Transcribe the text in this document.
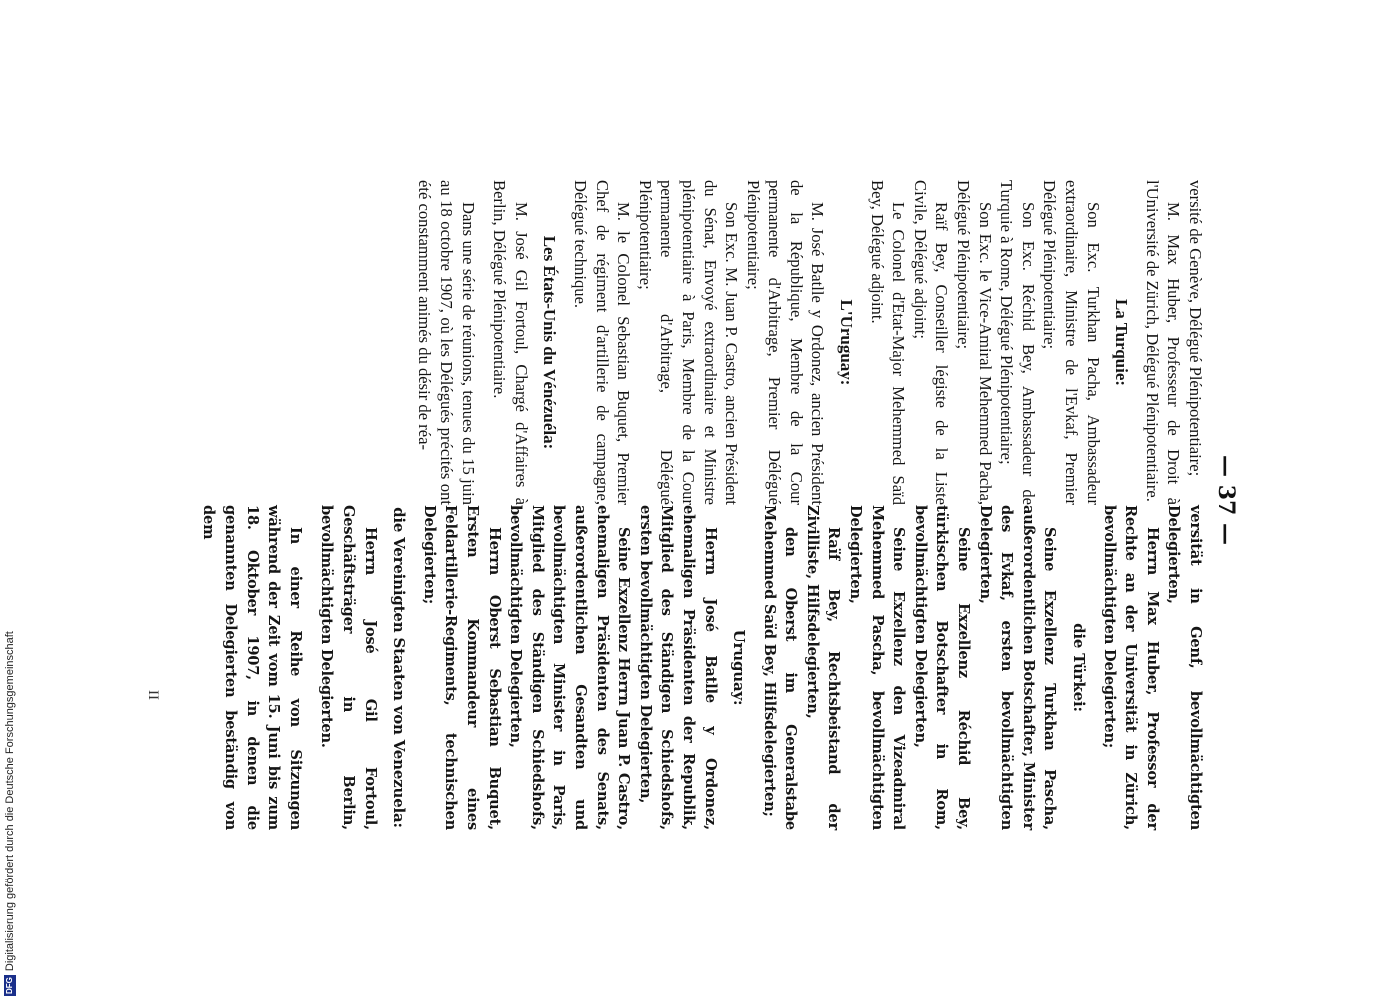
— 37 —

versité de Genève, Délégué Plénipotentiaire;

M. Max Huber, Professeur de Droit à l'Université de Zürich, Délégué Plénipotentiaire.

La Turquie:

Son Exc. Turkhan Pacha, Ambassadeur extraordinaire, Ministre de l'Evkaf, Premier Délégué Plénipotentiaire;

Son Exc. Réchid Bey, Ambassadeur de Turquie à Rome, Délégué Plénipotentiaire;

Son Exc. le Vice-Amiral Mehemmed Pacha, Délégué Plénipotentiaire;

Raïf Bey, Conseiller légiste de la Liste Civile, Délégué adjoint;

Le Colonel d'Etat-Major Mehemmed Saïd Bey, Délégué adjoint.

L'Uruguay:

M. José Batlle y Ordonez, ancien Président de la République, Membre de la Cour permanente d'Arbitrage, Premier Délégué Plénipotentiaire;

Son Exc. M. Juan P. Castro, ancien Président du Sénat, Envoyé extraordinaire et Ministre plénipotentiaire à Paris, Membre de la Cour permanente d'Arbitrage, Délégué Plénipotentiaire;

M. le Colonel Sebastian Buquet, Premier Chef de régiment d'artillerie de campagne, Délégué technique.

Les États-Unis du Vénézuéla:

M. José Gil Fortoul, Chargé d'Affaires à Berlin, Délégué Plénipotentiaire.

Dans une série de réunions, tenues du 15 juin au 18 octobre 1907, où les Délégués précités ont été constamment animés du désir de réa-

versität in Genf, bevollmächtigten Delegierten,

Herrn Max Huber, Professor der Rechte an der Universität in Zürich, bevollmächtigten Delegierten;

die Türkei:

Seine Exzellenz Turkhan Pascha, außerordentlichen Botschafter, Minister des Evkaf, ersten bevollmächtigten Delegierten,

Seine Exzellenz Réchid Bey, türkischen Botschafter in Rom, bevollmächtigten Delegierten,

Seine Exzellenz den Vizeadmiral Mehemmed Pascha, bevollmächtigten Delegierten,

Raïf Bey, Rechtsbeistand der Zivilliste, Hilfsdelegierten,

den Oberst im Generalstabe Mehemmed Saïd Bey, Hilfsdelegierten;

Uruguay:

Herrn José Batlle y Ordonez, ehemaligen Präsidenten der Republik, Mitglied des Ständigen Schiedshofs, ersten bevollmächtigten Delegierten,

Seine Exzellenz Herrn Juan P. Castro, ehemaligen Präsidenten des Senats, außerordentlichen Gesandten und bevollmächtigten Minister in Paris, Mitglied des Ständigen Schiedshofs, bevollmächtigten Delegierten,

Herrn Oberst Sebastian Buquet, Ersten Kommandeur eines Feldartillerie-Regiments, technischen Delegierten;

die Vereinigten Staaten von Venezuela:

Herrn José Gil Fortoul, Geschäftsträger in Berlin, bevollmächtigten Delegierten.

In einer Reihe von Sitzungen während der Zeit vom 15. Juni bis zum 18. Oktober 1907, in denen die genannten Delegierten beständig von dem

II
DFG
Digitalisierung gefördert durch die Deutsche Forschungsgemeinschaft
